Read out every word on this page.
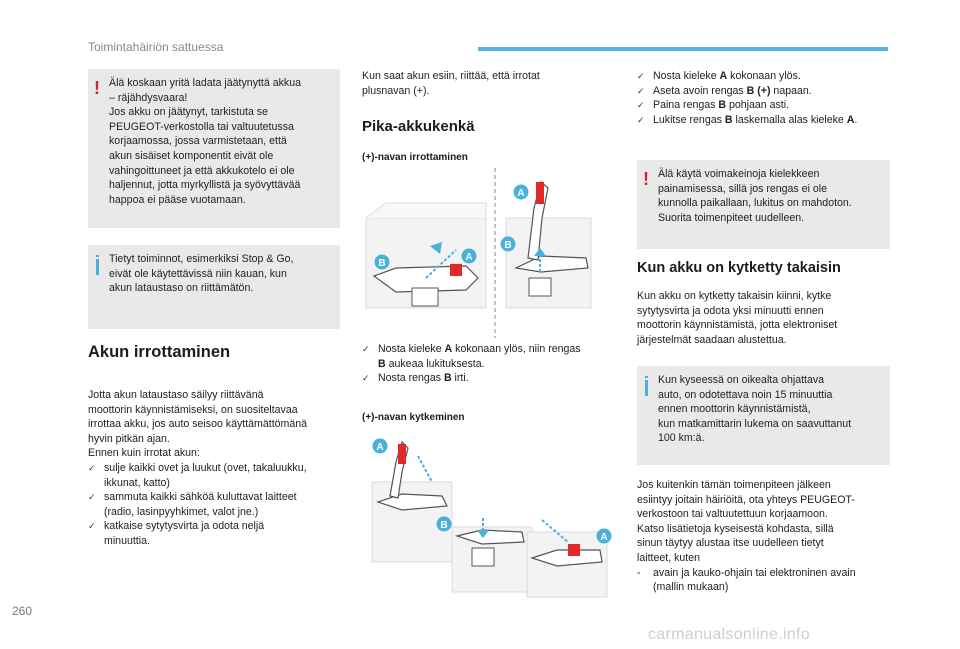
Toimintahäiriön sattuessa
! Älä koskaan yritä ladata jäätynyttä akkua
– räjähdysvaara!
Jos akku on jäätynyt, tarkistuta se
PEUGEOT-verkostolla tai valtuutetussa
korjaamossa, jossa varmistetaan, että
akun sisäiset komponentit eivät ole
vahingoittuneet ja että akkukotelo ei ole
haljennut, jotta myrkyllistä ja syövyttävää
happoa ei pääse vuotamaan.
Tietyt toiminnot, esimerkiksi Stop & Go,
eivät ole käytettävissä niin kauan, kun
akun lataustaso on riittämätön.
Akun irrottaminen
Jotta akun lataustaso säilyy riittävänä
moottorin käynnistämiseksi, on suositeltavaa
irrottaa akku, jos auto seisoo käyttämättömänä
hyvin pitkän ajan.
Ennen kuin irrotat akun:
✓ sulje kaikki ovet ja luukut (ovet, takaluukku,
ikkunat, katto)
✓ sammuta kaikki sähköä kuluttavat laitteet
(radio, lasinpyyhkimet, valot jne.)
✓ katkaise sytytysvirta ja odota neljä
minuuttia.
Kun saat akun esiin, riittää, että irrotat
plusnavan (+).
Pika-akkukenkä
(+)-navan irrottaminen
B
A
A
B
✓ Nosta kieleke A kokonaan ylös, niin rengas
B aukeaa lukituksesta.
✓ Nosta rengas B irti.
(+)-navan kytkeminen
A
B
A
✓ Nosta kieleke A kokonaan ylös.
✓ Aseta avoin rengas B (+) napaan.
✓ Paina rengas B pohjaan asti.
✓ Lukitse rengas B laskemalla alas kieleke A.
! Älä käytä voimakeinoja kielekkeen
painamisessa, sillä jos rengas ei ole
kunnolla paikallaan, lukitus on mahdoton.
Suorita toimenpiteet uudelleen.
Kun akku on kytketty takaisin
Kun akku on kytketty takaisin kiinni, kytke
sytytysvirta ja odota yksi minuutti ennen
moottorin käynnistämistä, jotta elektroniset
järjestelmät saadaan alustettua.
Kun kyseessä on oikealta ohjattava
auto, on odotettava noin 15 minuuttia
ennen moottorin käynnistämistä,
kun matkamittarin lukema on saavuttanut
100 km:ä.
Jos kuitenkin tämän toimenpiteen jälkeen
esiintyy joitain häiriöitä, ota yhteys PEUGEOT-
verkostoon tai valtuutettuun korjaamoon.
Katso lisätietoja kyseisestä kohdasta, sillä
sinun täytyy alustaa itse uudelleen tietyt
laitteet, kuten
- avain ja kauko-ohjain tai elektroninen avain
(mallin mukaan)
260
carmanualsonline.info
